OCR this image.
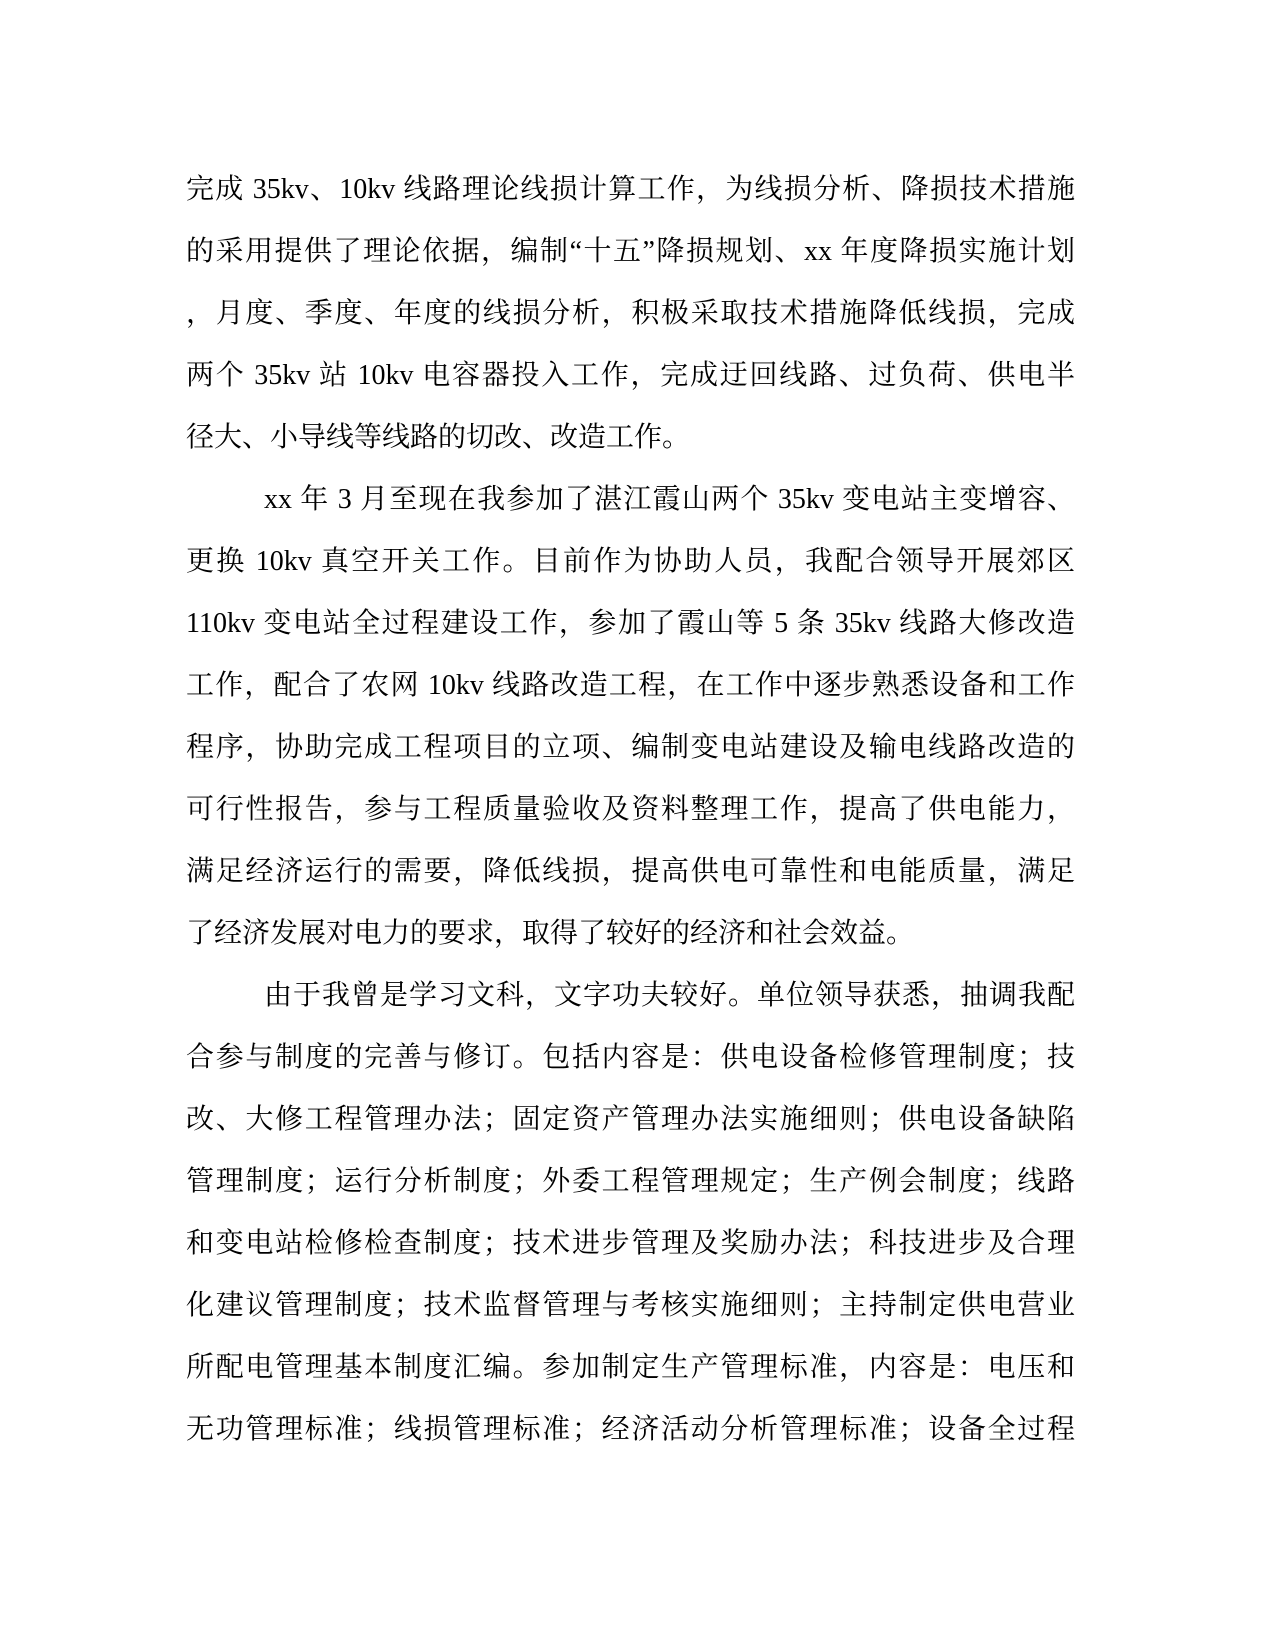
完成 35kv、10kv 线路理论线损计算工作，为线损分析、降损技术措施
的采用提供了理论依据，编制“十五”降损规划、xx 年度降损实施计划
，月度、季度、年度的线损分析，积极采取技术措施降低线损，完成
两个 35kv 站 10kv 电容器投入工作，完成迂回线路、过负荷、供电半
径大、小导线等线路的切改、改造工作。
xx 年 3 月至现在我参加了湛江霞山两个 35kv 变电站主变增容、
更换 10kv 真空开关工作。目前作为协助人员，我配合领导开展郊区
110kv 变电站全过程建设工作，参加了霞山等 5 条 35kv 线路大修改造
工作，配合了农网 10kv 线路改造工程，在工作中逐步熟悉设备和工作
程序，协助完成工程项目的立项、编制变电站建设及输电线路改造的
可行性报告，参与工程质量验收及资料整理工作，提高了供电能力，
满足经济运行的需要，降低线损，提高供电可靠性和电能质量，满足
了经济发展对电力的要求，取得了较好的经济和社会效益。
由于我曾是学习文科，文字功夫较好。单位领导获悉，抽调我配
合参与制度的完善与修订。包括内容是：供电设备检修管理制度；技
改、大修工程管理办法；固定资产管理办法实施细则；供电设备缺陷
管理制度；运行分析制度；外委工程管理规定；生产例会制度；线路
和变电站检修检查制度；技术进步管理及奖励办法；科技进步及合理
化建议管理制度；技术监督管理与考核实施细则；主持制定供电营业
所配电管理基本制度汇编。参加制定生产管理标准，内容是：电压和
无功管理标准；线损管理标准；经济活动分析管理标准；设备全过程
